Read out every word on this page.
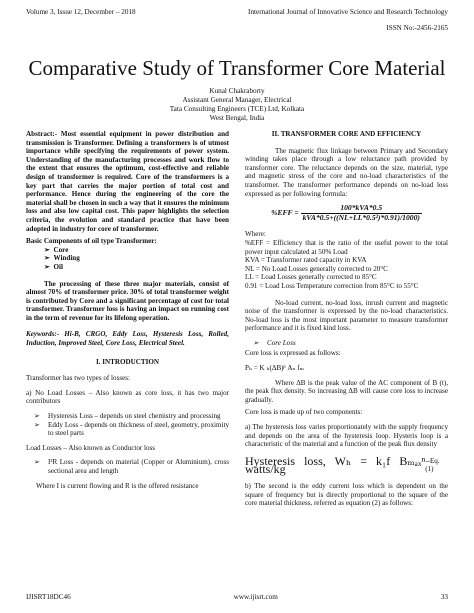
Volume 3, Issue 12, December – 2018	International Journal of Innovative Science and Research Technology
ISSN No:-2456-2165
Comparative Study of Transformer Core Material
Kunal Chakraborty
Assistant General Manager, Electrical
Tata Consulting Engineers (TCE) Ltd, Kolkata
West Bengal, India

Abstract:- Most essential equipment in power distribution and transmission is Transformer. Defining a transformers is of utmost importance while specifying the requirements of power system. Understanding of the manufacturing processes and work flow to the extent that ensures the optimum, cost-effective and reliable design of transformer is required. Core of the transformers is a key part that carries the major portion of total cost and performance. Hence during the engineering of the core the material shall be chosen in such a way that it ensures the minimum loss and also low capital cost. This paper highlights the selection criteria, the evolution and standard practice that have been adopted in industry for core of transformer.

Basic Components of oil type Transformer:

➢  Core
➢  Winding
➢  Oil

The processing of these three major materials, consist of almost 70% of transformer price. 30% of total transformer weight is contributed by Core and a significant percentage of cost for total transformer. Transformer loss is having an impact on running cost in the term of revenue for its lifelong operation.

Keywords:- Hi-B, CRGO, Eddy Loss, Hysteresis Loss, Rolled, Induction, Improved Steel, Core Loss, Electrical Steel.

I. INTRODUCTION

Transformer has two types of losses:

a) No Load Losses – Also known as core loss, it has two major contributors

➢ Hysteresis Loss – depends on steel chemistry and processing
➢ Eddy Loss - depends on thickness of steel, geometry, proximity to steel parts

Load Losses – Also known as Conductor loss

➢ I²R Loss - depends on material (Copper or Aluminium), cross sectional area and length

Where I is current flowing and R is the offered resistance

II. TRANSFORMER CORE AND EFFICIENCY

The magnetic flux linkage between Primary and Secondary winding takes place through a low reluctance path provided by transformer core. The reluctance depends on the size, material, type and magnetic stress of the core and no-load characteristics of the transformer. The transformer performance depends on no-load loss expressed as per following formula:

$\%EFF = \frac{\text{100*kVA*0.5}}{\text{kVA*0.5+((NL+LL*0.5²)*0.91)/1000)}}$

Where:

%EFF = Efficiency that is the ratio of the useful power to the total power input calculated at 50% Load
KVA = Transformer rated capacity in KVA
NL = No Load Losses generally corrected to 20°C
LL = Load Losses generally corrected to 85°C
0.91 = Load Loss Temperature correction from 85°C to 55°C

No-load current, no-load loss, inrush current and magnetic noise of the transformer is expressed by the no-load characteristics. No-load loss is the most important parameter to measure transformer performance and it is fixed kind loss.

➢ Core Loss

Core loss is expressed as follows:

Pₕ = K ₕ(ΔB)ᵝ Aₙ fₘ

Where ΔB is the peak value of the AC component of B (t), the peak flux density. So increasing ΔB will cause core loss to increase gradually.

Core loss is made up of two components:

a) The hysteresis loss varies proportionately with the supply frequency and depends on the area of the hysteresis loop. Hysteris loop is a characteristic of the material and a function of the peak flux density

Hysteresis loss, Wₕ = k₁f Bₘₐₓⁿ watts/kg
--Eq. (1)

b) The second is the eddy current loss which is dependent on the square of frequency but is directly proportional to the square of the core material thickness, referred as equation (2) as follows:

IJISRT18DC46	www.ijisrt.com	33
